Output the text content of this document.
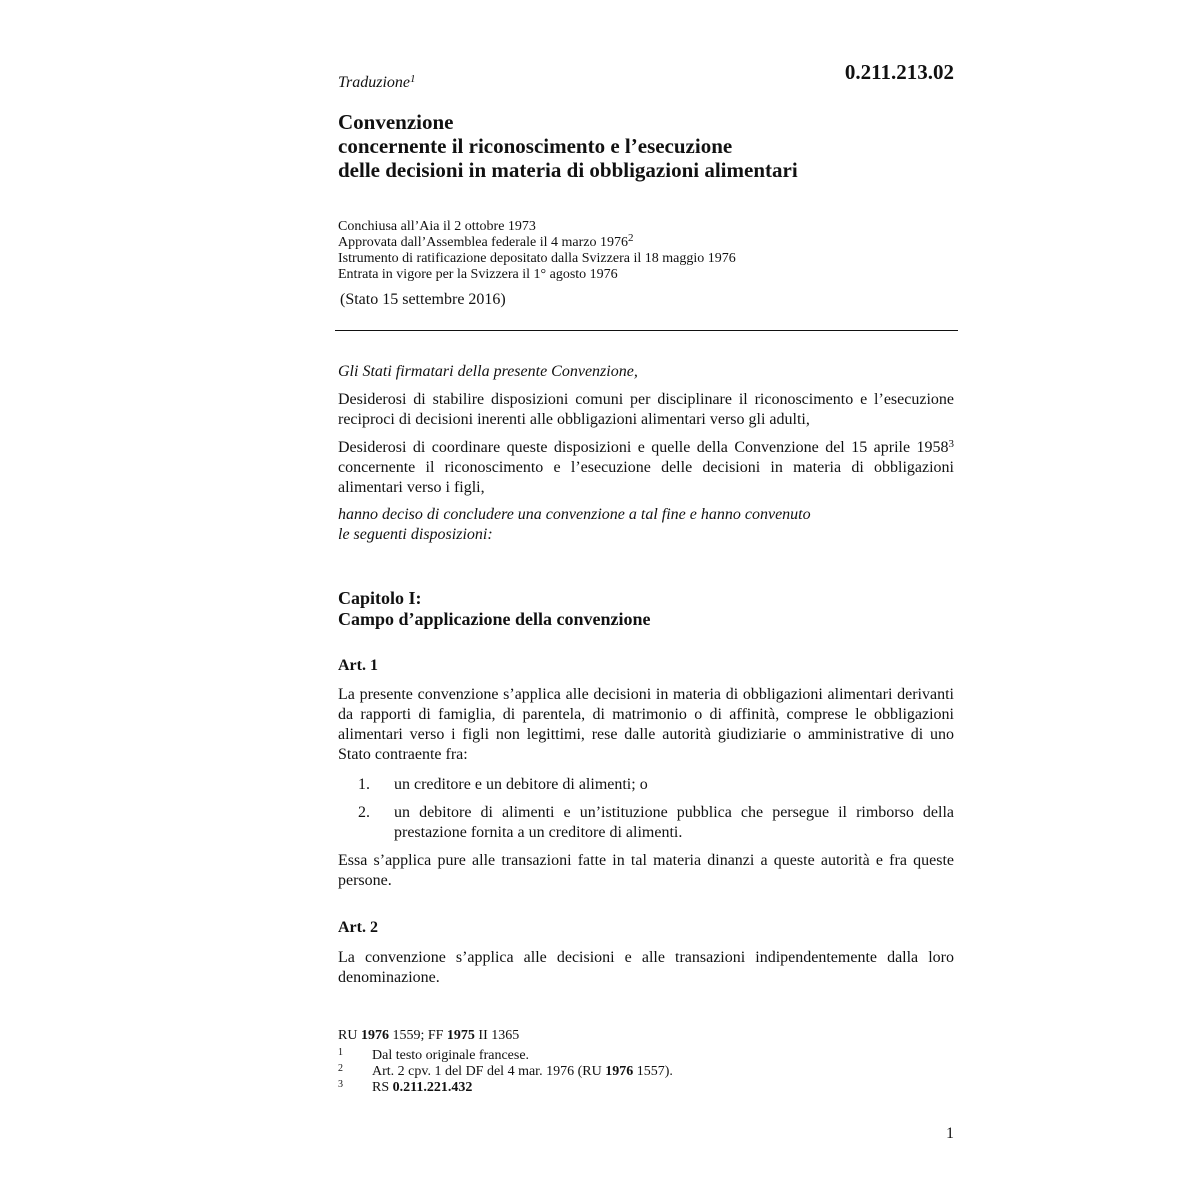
0.211.213.02
Traduzione$^1$
Convenzione
concernente il riconoscimento e l’esecuzione
delle decisioni in materia di obbligazioni alimentari
Conchiusa all’Aia il 2 ottobre 1973
Approvata dall’Assemblea federale il 4 marzo 1976$^2$
Istrumento di ratificazione depositato dalla Svizzera il 18 maggio 1976
Entrata in vigore per la Svizzera il 1° agosto 1976
(Stato 15 settembre 2016)
Gli Stati firmatari della presente Convenzione,
Desiderosi di stabilire disposizioni comuni per disciplinare il riconoscimento e l’esecuzione reciproci di decisioni inerenti alle obbligazioni alimentari verso gli adulti,
Desiderosi di coordinare queste disposizioni e quelle della Convenzione del 15 aprile 1958$^3$ concernente il riconoscimento e l’esecuzione delle decisioni in materia di obbligazioni alimentari verso i figli,
hanno deciso di concludere una convenzione a tal fine e hanno convenuto
le seguenti disposizioni:
Capitolo I:
Campo d’applicazione della convenzione
Art. 1
La presente convenzione s’applica alle decisioni in materia di obbligazioni alimentari derivanti da rapporti di famiglia, di parentela, di matrimonio o di affinità, comprese le obbligazioni alimentari verso i figli non legittimi, rese dalle autorità giudiziarie o amministrative di uno Stato contraente fra:
1. un creditore e un debitore di alimenti; o
2. un debitore di alimenti e un’istituzione pubblica che persegue il rimborso della prestazione fornita a un creditore di alimenti.
Essa s’applica pure alle transazioni fatte in tal materia dinanzi a queste autorità e fra queste persone.
Art. 2
La convenzione s’applica alle decisioni e alle transazioni indipendentemente dalla loro denominazione.
RU 1976 1559; FF 1975 II 1365
1 Dal testo originale francese.
2 Art. 2 cpv. 1 del DF del 4 mar. 1976 (RU 1976 1557).
3 RS 0.211.221.432
1
